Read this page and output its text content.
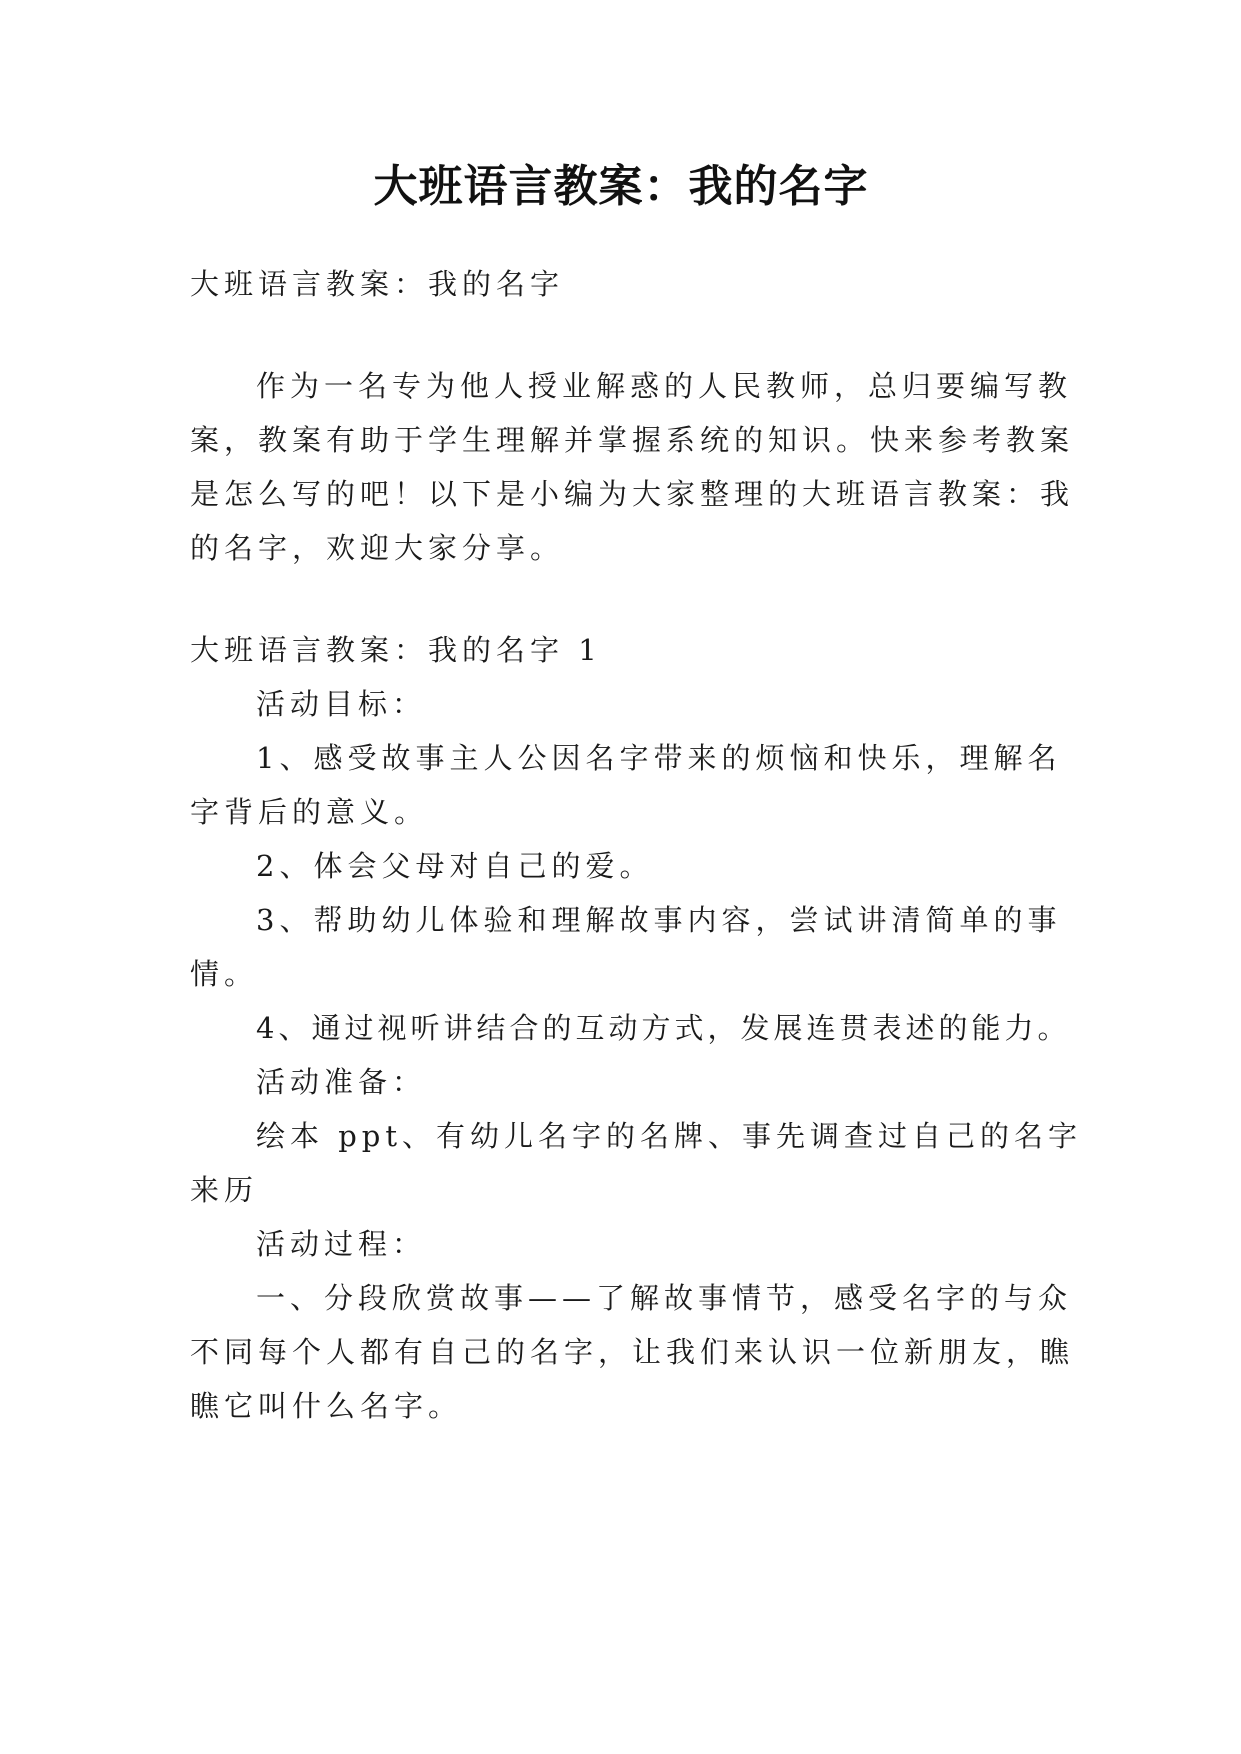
大班语言教案：我的名字

大班语言教案：我的名字

作为一名专为他人授业解惑的人民教师，总归要编写教

案，教案有助于学生理解并掌握系统的知识。快来参考教案

是怎么写的吧！以下是小编为大家整理的大班语言教案：我

的名字，欢迎大家分享。

大班语言教案：我的名字 1

活动目标：

1、感受故事主人公因名字带来的烦恼和快乐，理解名

字背后的意义。

2、体会父母对自己的爱。

3、帮助幼儿体验和理解故事内容，尝试讲清简单的事

情。

4、通过视听讲结合的互动方式，发展连贯表述的能力。

活动准备：

绘本 ppt、有幼儿名字的名牌、事先调查过自己的名字

来历

活动过程：

一、分段欣赏故事——了解故事情节，感受名字的与众

不同每个人都有自己的名字，让我们来认识一位新朋友，瞧

瞧它叫什么名字。
